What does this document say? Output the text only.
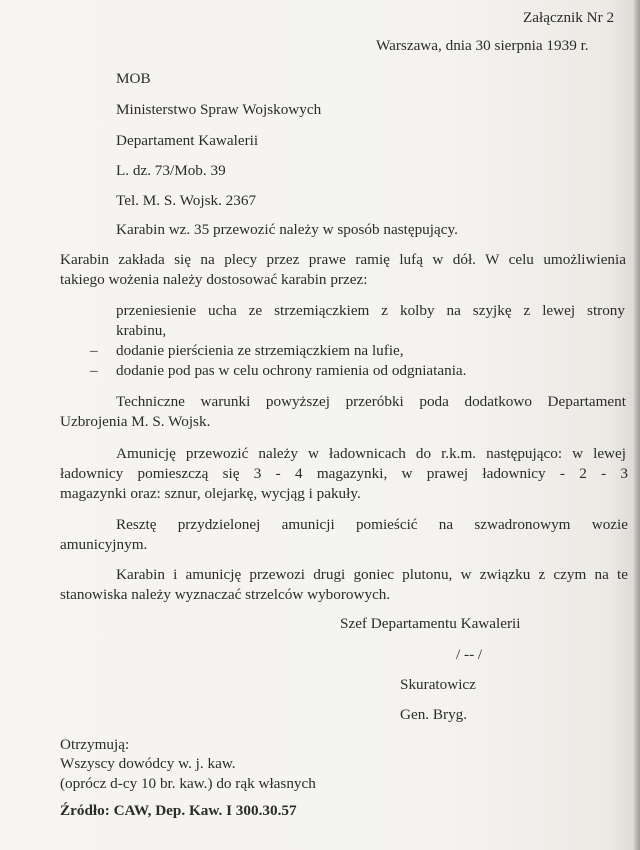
Załącznik Nr 2
Warszawa, dnia 30 sierpnia 1939 r.
MOB
Ministerstwo Spraw Wojskowych
Departament Kawalerii
L. dz. 73/Mob. 39
Tel. M. S. Wojsk. 2367
Karabin wz. 35 przewozić należy w sposób następujący.
Karabin zakłada się na plecy przez prawe ramię lufą w dół. W celu umożliwienia
takiego wożenia należy dostosować karabin przez:
przeniesienie ucha ze strzemiączkiem z kolby na szyjkę z lewej strony
krabinu,
– dodanie pierścienia ze strzemiączkiem na lufie,
– dodanie pod pas w celu ochrony ramienia od odgniatania.
Techniczne warunki powyższej przeróbki poda dodatkowo Departament
Uzbrojenia M. S. Wojsk.
Amunicję przewozić należy w ładownicach do r.k.m. następująco: w lewej
ładownicy pomieszczą się 3 - 4 magazynki, w prawej ładownicy - 2 - 3
magazynki oraz: sznur, olejarkę, wycjąg i pakuły.
Resztę przydzielonej amunicji pomieścić na szwadronowym wozie
amunicyjnym.
Karabin i amunicję przewozi drugi goniec plutonu, w związku z czym na te
stanowiska należy wyznaczać strzelców wyborowych.
Szef Departamentu Kawalerii
/ -- /
Skuratowicz
Gen. Bryg.
Otrzymują:
Wszyscy dowódcy w. j. kaw.
(oprócz d-cy 10 br. kaw.) do rąk własnych
Źródło: CAW, Dep. Kaw. I 300.30.57
